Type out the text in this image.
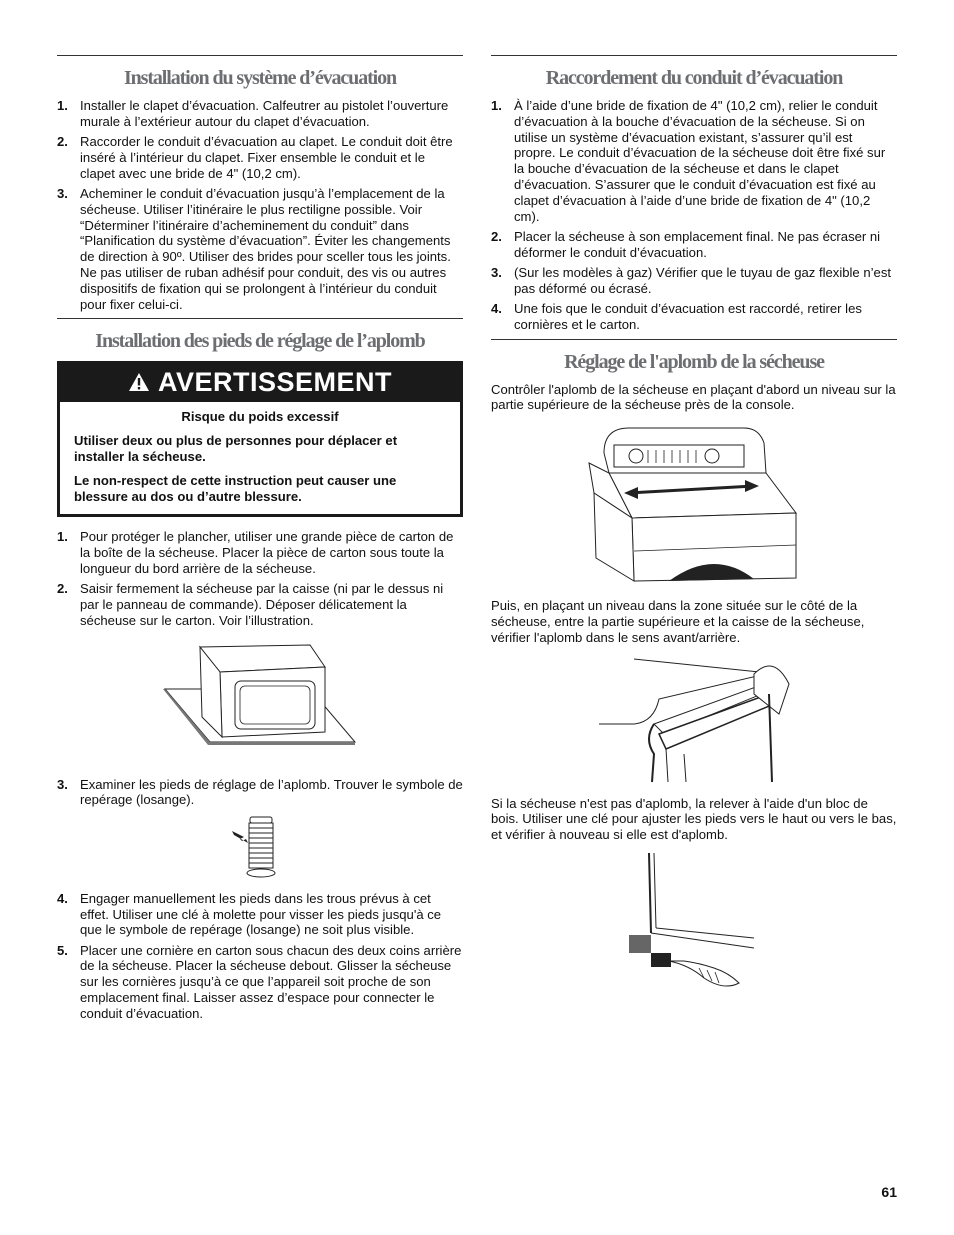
Installation du système d’évacuation
1. Installer le clapet d’évacuation. Calfeutrer au pistolet l’ouverture murale à l’extérieur autour du clapet d’évacuation.
2. Raccorder le conduit d’évacuation au clapet. Le conduit doit être inséré à l’intérieur du clapet. Fixer ensemble le conduit et le clapet avec une bride de 4" (10,2 cm).
3. Acheminer le conduit d’évacuation jusqu’à l’emplacement de la sécheuse. Utiliser l’itinéraire le plus rectiligne possible. Voir “Déterminer l’itinéraire d’acheminement du conduit” dans “Planification du système d’évacuation”. Éviter les changements de direction à 90º. Utiliser des brides pour sceller tous les joints. Ne pas utiliser de ruban adhésif pour conduit, des vis ou autres dispositifs de fixation qui se prolongent à l’intérieur du conduit pour fixer celui-ci.
Installation des pieds de réglage de l’aplomb
AVERTISSEMENT
Risque du poids excessif

Utiliser deux ou plus de personnes pour déplacer et installer la sécheuse.

Le non-respect de cette instruction peut causer une blessure au dos ou d’autre blessure.

1. Pour protéger le plancher, utiliser une grande pièce de carton de la boîte de la sécheuse. Placer la pièce de carton sous toute la longueur du bord arrière de la sécheuse.
2. Saisir fermement la sécheuse par la caisse (ni par le dessus ni par le panneau de commande). Déposer délicatement la sécheuse sur le carton. Voir l’illustration.
3. Examiner les pieds de réglage de l’aplomb. Trouver le symbole de repérage (losange).
4. Engager manuellement les pieds dans les trous prévus à cet effet. Utiliser une clé à molette pour visser les pieds jusqu'à ce que le symbole de repérage (losange) ne soit plus visible.
5. Placer une cornière en carton sous chacun des deux coins arrière de la sécheuse. Placer la sécheuse debout. Glisser la sécheuse sur les cornières jusqu’à ce que l’appareil soit proche de son emplacement final. Laisser assez d’espace pour connecter le conduit d’évacuation.
Raccordement du conduit d’évacuation
1. À l’aide d’une bride de fixation de 4" (10,2 cm), relier le conduit d’évacuation à la bouche d’évacuation de la sécheuse. Si on utilise un système d’évacuation existant, s’assurer qu’il est propre. Le conduit d’évacuation de la sécheuse doit être fixé sur la bouche d’évacuation de la sécheuse et dans le clapet d’évacuation. S’assurer que le conduit d’évacuation est fixé au clapet d’évacuation à l’aide d’une bride de fixation de 4" (10,2 cm).
2. Placer la sécheuse à son emplacement final. Ne pas écraser ni déformer le conduit d’évacuation.
3. (Sur les modèles à gaz) Vérifier que le tuyau de gaz flexible n’est pas déformé ou écrasé.
4. Une fois que le conduit d’évacuation est raccordé, retirer les cornières et le carton.
Réglage de l'aplomb de la sécheuse

Contrôler l'aplomb de la sécheuse en plaçant d'abord un niveau sur la partie supérieure de la sécheuse près de la console.

Puis, en plaçant un niveau dans la zone située sur le côté de la sécheuse, entre la partie supérieure et la caisse de la sécheuse, vérifier l'aplomb dans le sens avant/arrière.

Si la sécheuse n'est pas d'aplomb, la relever à l'aide d'un bloc de bois. Utiliser une clé pour ajuster les pieds vers le haut ou vers le bas, et vérifier à nouveau si elle est d'aplomb.

61
